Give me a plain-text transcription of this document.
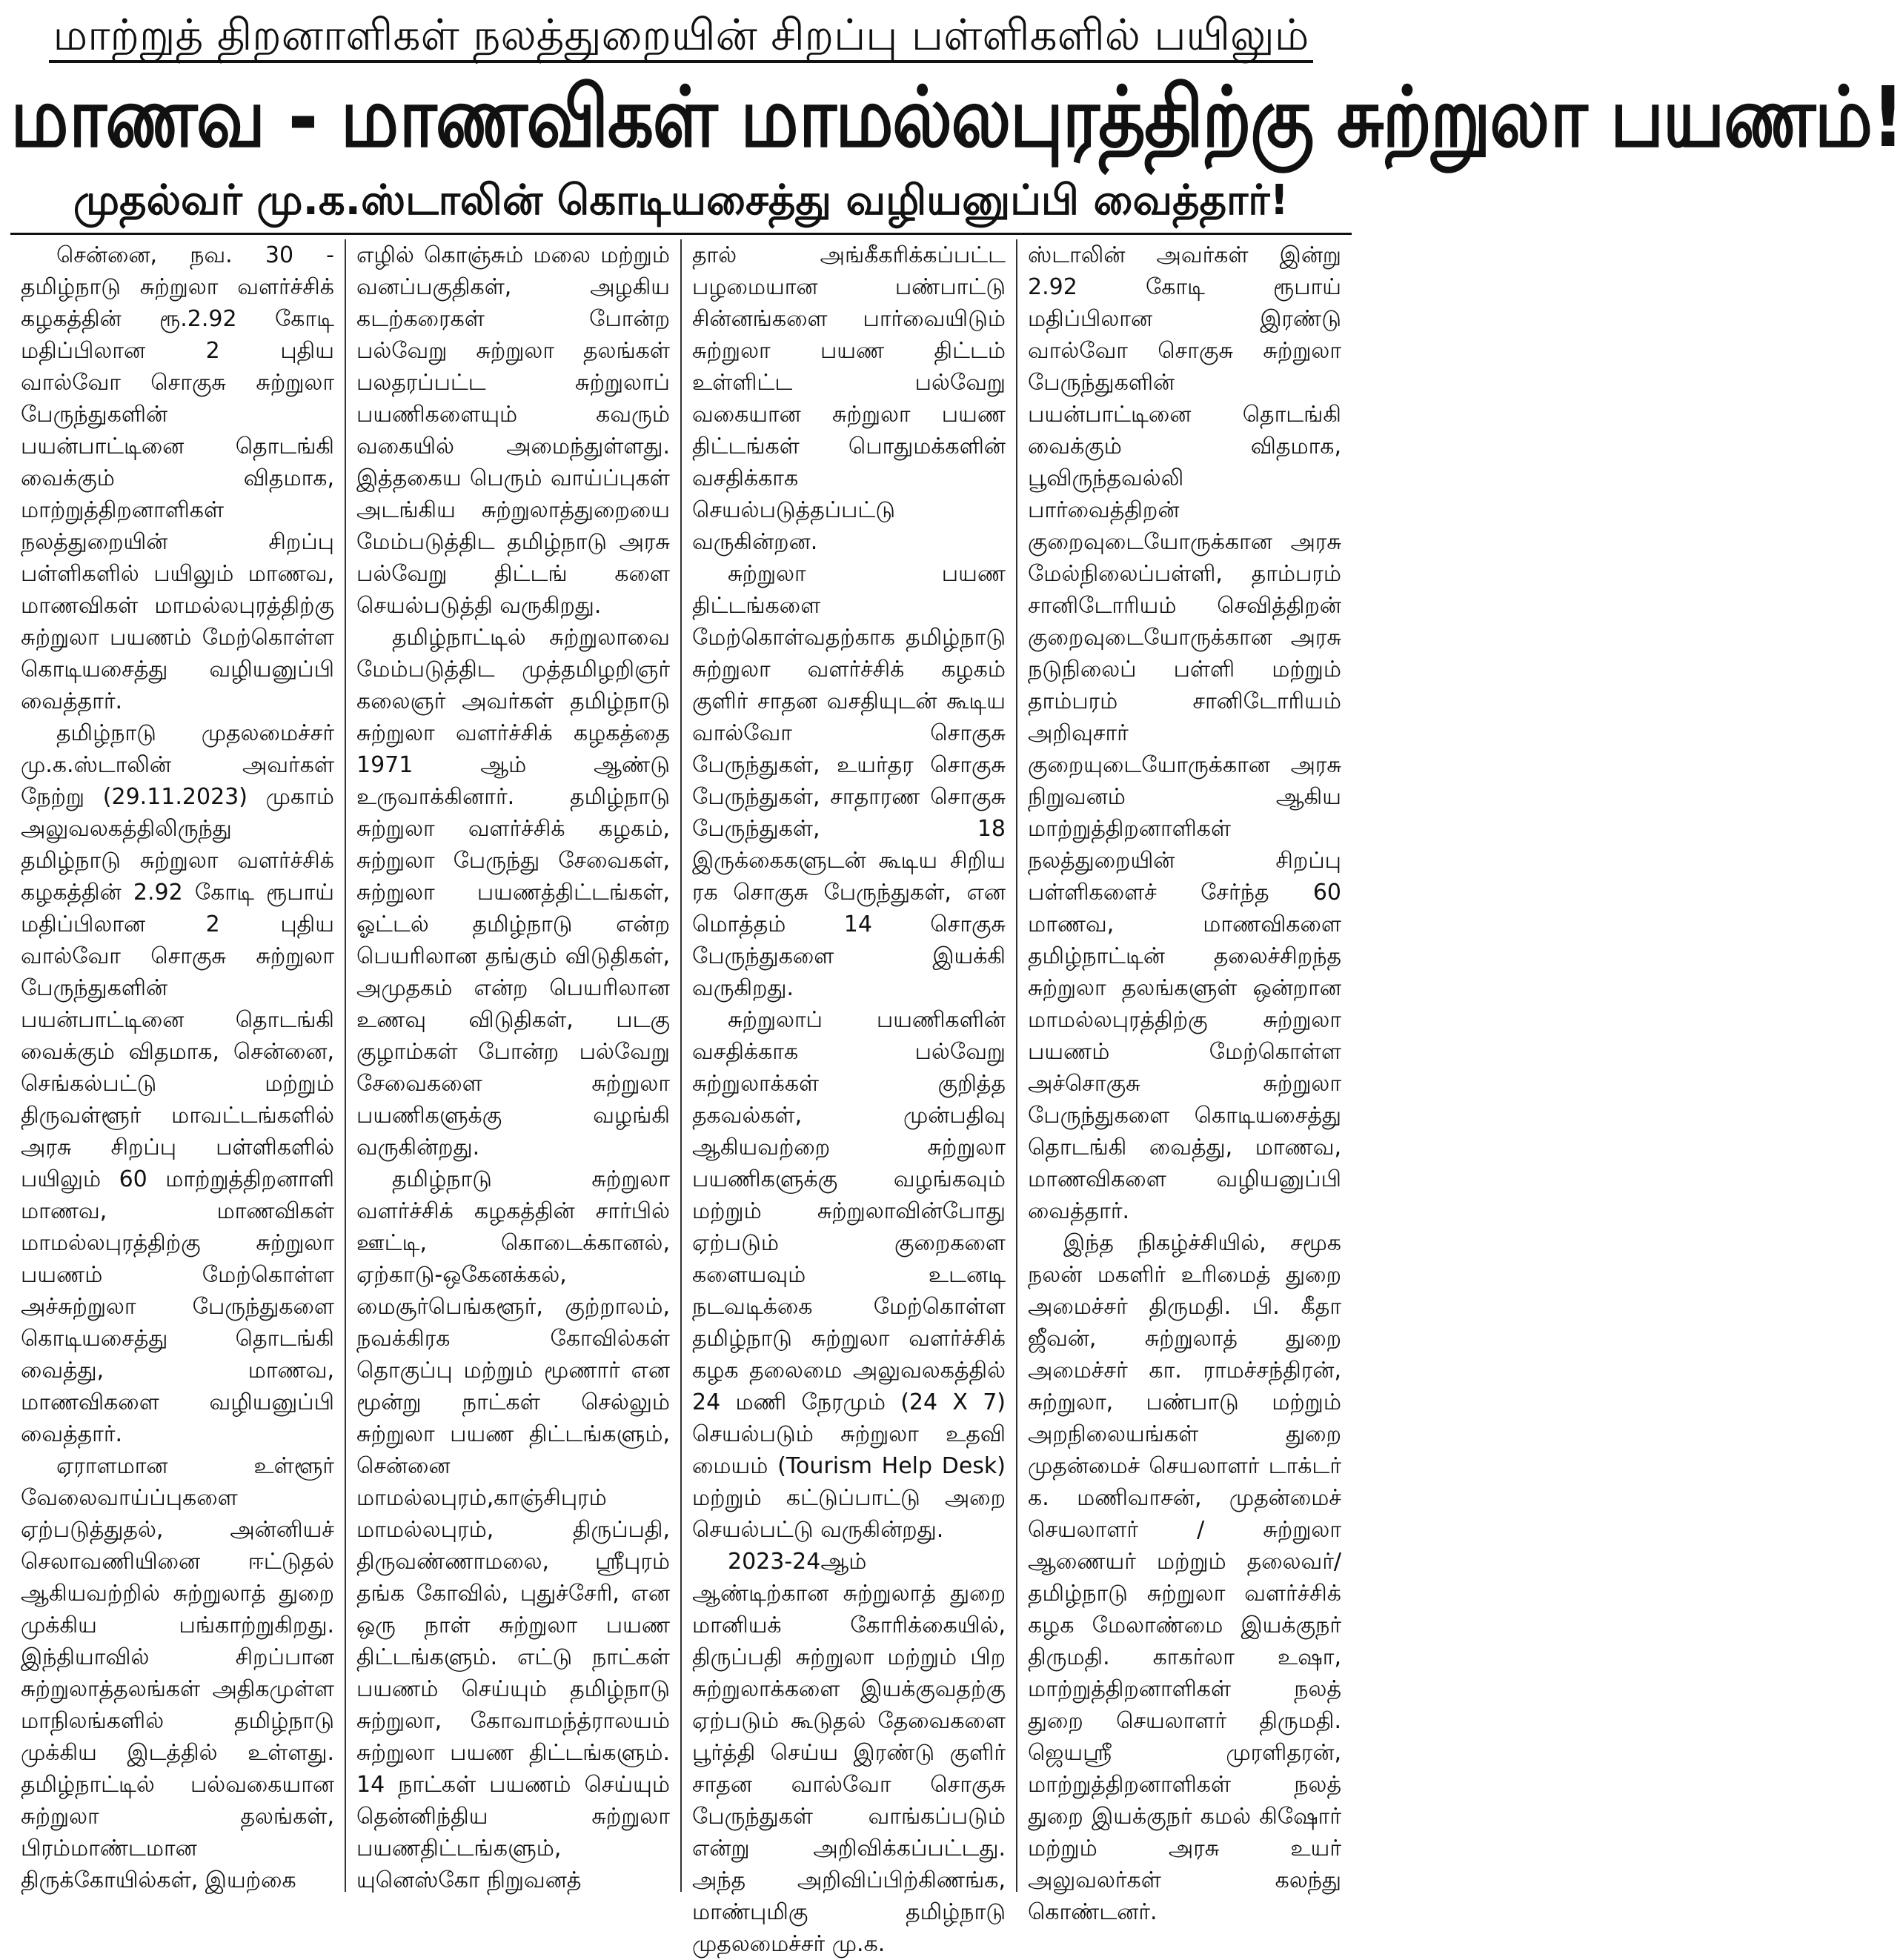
மாற்றுத் திறனாளிகள் நலத்துறையின் சிறப்பு பள்ளிகளில் பயிலும்
மாணவ - மாணவிகள் மாமல்லபுரத்திற்கு சுற்றுலா பயணம்!
முதல்வர் மு.க.ஸ்டாலின் கொடியசைத்து வழியனுப்பி வைத்தார்!

சென்னை, நவ. 30 - தமிழ்நாடு சுற்றுலா வளர்ச்சிக் கழகத்தின் ரூ.2.92 கோடி மதிப்பிலான 2 புதிய வால்வோ சொகுசு சுற்றுலா பேருந்துகளின் பயன்பாட்டினை தொடங்கி வைக்கும் விதமாக, மாற்றுத்திறனாளிகள் நலத்துறையின் சிறப்பு பள்ளிகளில் பயிலும் மாணவ, மாணவிகள் மாமல்லபுரத்திற்கு சுற்றுலா பயணம் மேற்கொள்ள கொடியசைத்து வழியனுப்பி வைத்தார்.

தமிழ்நாடு முதலமைச்சர் மு.க.ஸ்டாலின் அவர்கள் நேற்று (29.11.2023) முகாம் அலுவலகத்திலிருந்து தமிழ்நாடு சுற்றுலா வளர்ச்சிக் கழகத்தின் 2.92 கோடி ரூபாய் மதிப்பிலான 2 புதிய வால்வோ சொகுசு சுற்றுலா பேருந்துகளின் பயன்பாட்டினை தொடங்கி வைக்கும் விதமாக, சென்னை, செங்கல்பட்டு மற்றும் திருவள்ளூர் மாவட்டங்களில் அரசு சிறப்பு பள்ளிகளில் பயிலும் 60 மாற்றுத்திறனாளி மாணவ, மாணவிகள் மாமல்லபுரத்திற்கு சுற்றுலா பயணம் மேற்கொள்ள அச்சுற்றுலா பேருந்துகளை கொடியசைத்து தொடங்கி வைத்து, மாணவ, மாணவிகளை வழியனுப்பி வைத்தார்.

ஏராளமான உள்ளூர் வேலைவாய்ப்புகளை ஏற்படுத்துதல், அன்னியச் செலாவணியினை ஈட்டுதல் ஆகியவற்றில் சுற்றுலாத் துறை முக்கிய பங்காற்றுகிறது. இந்தியாவில் சிறப்பான சுற்றுலாத்தலங்கள் அதிகமுள்ள மாநிலங்களில் தமிழ்நாடு முக்கிய இடத்தில் உள்ளது. தமிழ்நாட்டில் பல்வகையான சுற்றுலா தலங்கள், பிரம்மாண்டமான திருக்கோயில்கள், இயற்கை

எழில் கொஞ்சும் மலை மற்றும் வனப்பகுதிகள், அழகிய கடற்கரைகள் போன்ற பல்வேறு சுற்றுலா தலங்கள் பலதரப்பட்ட சுற்றுலாப் பயணிகளையும் கவரும் வகையில் அமைந்துள்ளது. இத்தகைய பெரும் வாய்ப்புகள் அடங்கிய சுற்றுலாத்துறையை மேம்படுத்திட தமிழ்நாடு அரசு பல்வேறு திட்டங் களை செயல்படுத்தி வருகிறது.

தமிழ்நாட்டில் சுற்றுலாவை மேம்படுத்திட முத்தமிழறிஞர் கலைஞர் அவர்கள் தமிழ்நாடு சுற்றுலா வளர்ச்சிக் கழகத்தை 1971 ஆம் ஆண்டு உருவாக்கினார். தமிழ்நாடு சுற்றுலா வளர்ச்சிக் கழகம், சுற்றுலா பேருந்து சேவைகள், சுற்றுலா பயணத்திட்டங்கள், ஓட்டல் தமிழ்நாடு என்ற பெயரிலான தங்கும் விடுதிகள், அமுதகம் என்ற பெயரிலான உணவு விடுதிகள், படகு குழாம்கள் போன்ற பல்வேறு சேவைகளை சுற்றுலா பயணிகளுக்கு வழங்கி வருகின்றது.

தமிழ்நாடு சுற்றுலா வளர்ச்சிக் கழகத்தின் சார்பில் ஊட்டி, கொடைக்கானல், ஏற்காடு-ஒகேனக்கல், மைசூர்பெங்களூர், குற்றாலம், நவக்கிரக கோவில்கள் தொகுப்பு மற்றும் மூணார் என மூன்று நாட்கள் செல்லும் சுற்றுலா பயண திட்டங்களும், சென்னை மாமல்லபுரம்,காஞ்சிபுரம் மாமல்லபுரம், திருப்பதி, திருவண்ணாமலை, ஸ்ரீபுரம் தங்க கோவில், புதுச்சேரி, என ஒரு நாள் சுற்றுலா பயண திட்டங்களும். எட்டு நாட்கள் பயணம் செய்யும் தமிழ்நாடு சுற்றுலா, கோவாமந்த்ராலயம் சுற்றுலா பயண திட்டங்களும். 14 நாட்கள் பயணம் செய்யும் தென்னிந்திய சுற்றுலா பயணதிட்டங்களும், யுனெஸ்கோ நிறுவனத்

தால் அங்கீகரிக்கப்பட்ட பழமையான பண்பாட்டு சின்னங்களை பார்வையிடும் சுற்றுலா பயண திட்டம் உள்ளிட்ட பல்வேறு வகையான சுற்றுலா பயண திட்டங்கள் பொதுமக்களின் வசதிக்காக செயல்படுத்தப்பட்டு வருகின்றன.

சுற்றுலா பயண திட்டங்களை மேற்கொள்வதற்காக தமிழ்நாடு சுற்றுலா வளர்ச்சிக் கழகம் குளிர் சாதன வசதியுடன் கூடிய வால்வோ சொகுசு பேருந்துகள், உயர்தர சொகுசு பேருந்துகள், சாதாரண சொகுசு பேருந்துகள், 18 இருக்கைகளுடன் கூடிய சிறிய ரக சொகுசு பேருந்துகள், என மொத்தம் 14 சொகுசு பேருந்துகளை இயக்கி வருகிறது.

சுற்றுலாப் பயணிகளின் வசதிக்காக பல்வேறு சுற்றுலாக்கள் குறித்த தகவல்கள், முன்பதிவு ஆகியவற்றை சுற்றுலா பயணிகளுக்கு வழங்கவும் மற்றும் சுற்றுலாவின்போது ஏற்படும் குறைகளை களையவும் உடனடி நடவடிக்கை மேற்கொள்ள தமிழ்நாடு சுற்றுலா வளர்ச்சிக் கழக தலைமை அலுவலகத்தில் 24 மணி நேரமும் (24 X 7) செயல்படும் சுற்றுலா உதவி மையம் (Tourism Help Desk) மற்றும் கட்டுப்பாட்டு அறை செயல்பட்டு வருகின்றது.

2023-24ஆம் ஆண்டிற்கான சுற்றுலாத் துறை மானியக் கோரிக்கையில், திருப்பதி சுற்றுலா மற்றும் பிற சுற்றுலாக்களை இயக்குவதற்கு ஏற்படும் கூடுதல் தேவைகளை பூர்த்தி செய்ய இரண்டு குளிர் சாதன வால்வோ சொகுசு பேருந்துகள் வாங்கப்படும் என்று அறிவிக்கப்பட்டது. அந்த அறிவிப்பிற்கிணங்க, மாண்புமிகு தமிழ்நாடு முதலமைச்சர் மு.க.

ஸ்டாலின் அவர்கள் இன்று 2.92 கோடி ரூபாய் மதிப்பிலான இரண்டு வால்வோ சொகுசு சுற்றுலா பேருந்துகளின் பயன்பாட்டினை தொடங்கி வைக்கும் விதமாக, பூவிருந்தவல்லி பார்வைத்திறன் குறைவுடையோருக்கான அரசு மேல்நிலைப்பள்ளி, தாம்பரம் சானிடோரியம் செவித்திறன் குறைவுடையோருக்கான அரசு நடுநிலைப் பள்ளி மற்றும் தாம்பரம் சானிடோரியம் அறிவுசார் குறையுடையோருக்கான அரசு நிறுவனம் ஆகிய மாற்றுத்திறனாளிகள் நலத்துறையின் சிறப்பு பள்ளிகளைச் சேர்ந்த 60 மாணவ, மாணவிகளை தமிழ்நாட்டின் தலைச்சிறந்த சுற்றுலா தலங்களுள் ஒன்றான மாமல்லபுரத்திற்கு சுற்றுலா பயணம் மேற்கொள்ள அச்சொகுசு சுற்றுலா பேருந்துகளை கொடியசைத்து தொடங்கி வைத்து, மாணவ, மாணவிகளை வழியனுப்பி வைத்தார்.

இந்த நிகழ்ச்சியில், சமூக நலன் மகளிர் உரிமைத் துறை அமைச்சர் திருமதி. பி. கீதா ஜீவன், சுற்றுலாத் துறை அமைச்சர் கா. ராமச்சந்திரன், சுற்றுலா, பண்பாடு மற்றும் அறநிலையங்கள் துறை முதன்மைச் செயலாளர் டாக்டர் க. மணிவாசன், முதன்மைச் செயலாளர் / சுற்றுலா ஆணையர் மற்றும் தலைவர்/ தமிழ்நாடு சுற்றுலா வளர்ச்சிக் கழக மேலாண்மை இயக்குநர் திருமதி. காகர்லா உஷா, மாற்றுத்திறனாளிகள் நலத் துறை செயலாளர் திருமதி. ஜெயஸ்ரீ முரளிதரன், மாற்றுத்திறனாளிகள் நலத் துறை இயக்குநர் கமல் கிஷோர் மற்றும் அரசு உயர் அலுவலர்கள் கலந்து கொண்டனர்.
